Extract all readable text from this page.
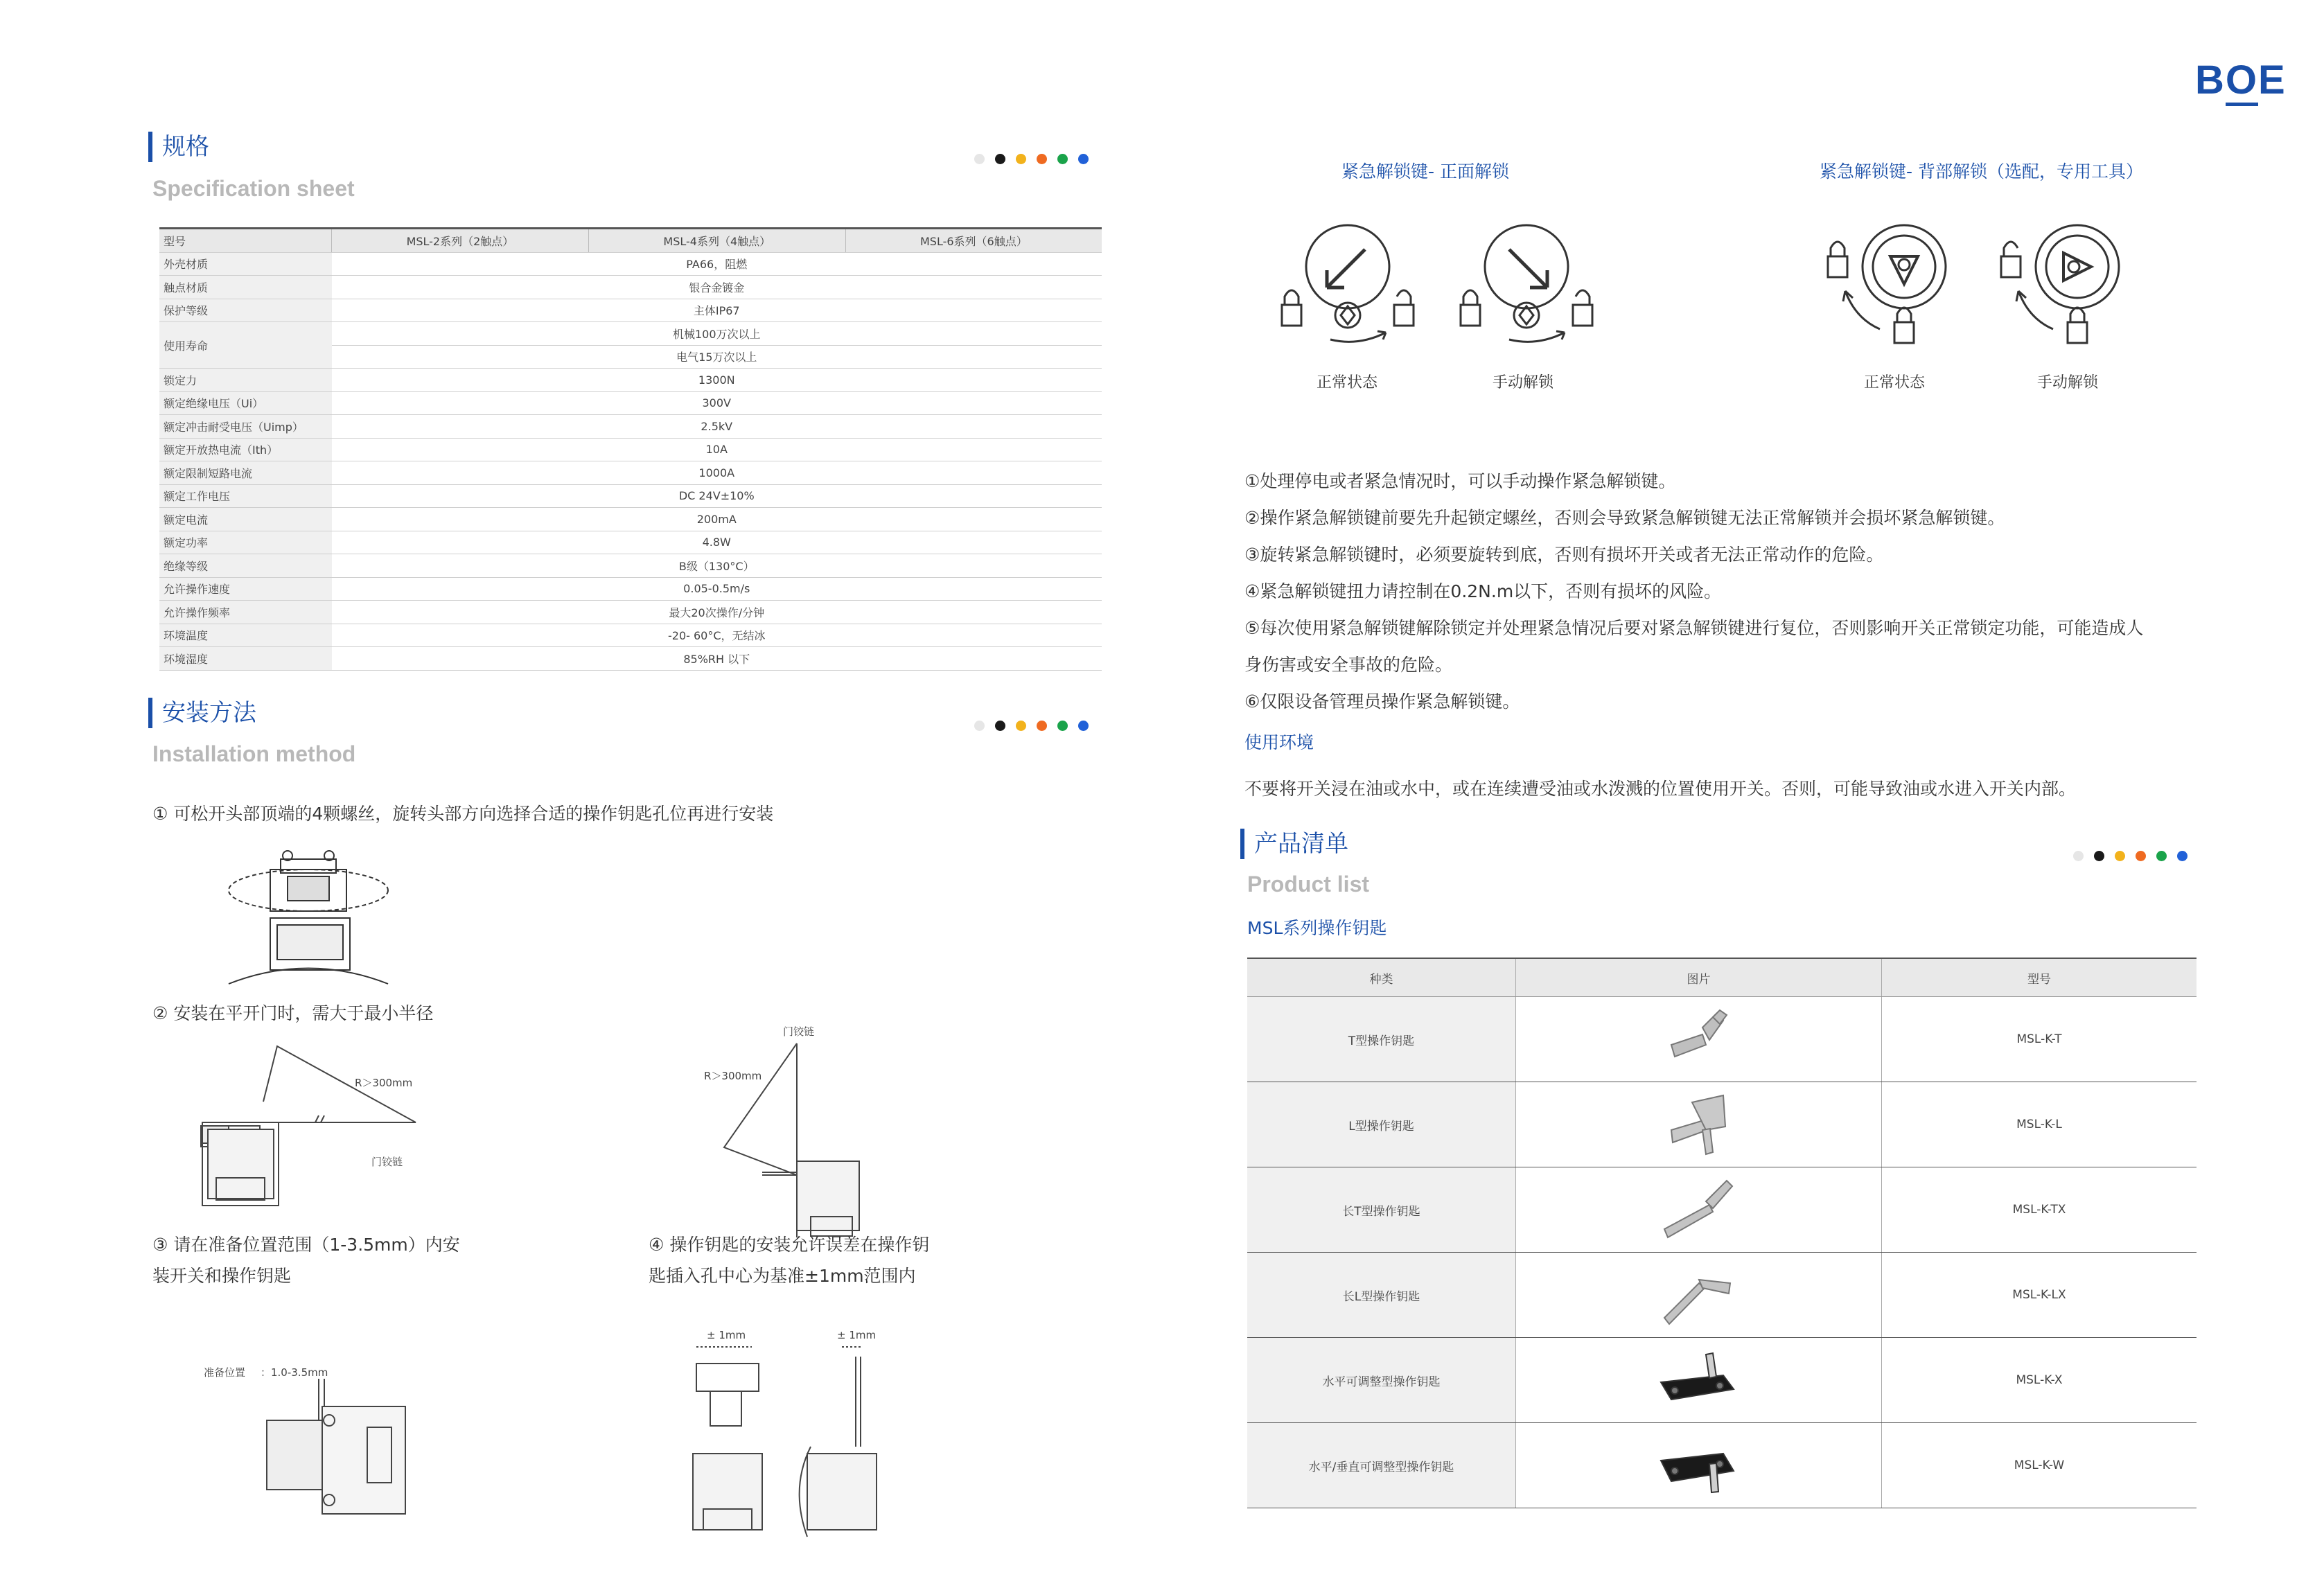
BOE
规格
Specification sheet
型号	MSL-2系列（2触点）	MSL-4系列（4触点）	MSL-6系列（6触点）
外壳材质	PA66，阻燃		
触点材质	银合金镀金		
保护等级	主体IP67		
使用寿命	机械100万次以上		
	电气15万次以上		
锁定力	1300N		
额定绝缘电压（Ui）	300V		
额定冲击耐受电压（Uimp）	2.5kV		
额定开放热电流（Ith）	10A		
额定限制短路电流	1000A		
额定工作电压	DC 24V±10%		
额定电流	200mA		
额定功率	4.8W		
绝缘等级	B级（130°C）		
允许操作速度	0.05-0.5m/s		
允许操作频率	最大20次操作/分钟		
环境温度	-20- 60°C，无结冰		
环境湿度	85%RH 以下		
安装方法
Installation method
① 可松开头部顶端的4颗螺丝，旋转头部方向选择合适的操作钥匙孔位再进行安装
② 安装在平开门时，需大于最小半径
R＞300mm
门铰链
门铰链
R＞300mm
③ 请在准备位置范围（1-3.5mm）内安
装开关和操作钥匙
④ 操作钥匙的安装允许误差在操作钥
匙插入孔中心为基准±1mm范围内
准备位置 ：1.0-3.5mm
± 1mm	± 1mm
紧急解锁键- 正面解锁	紧急解锁键- 背部解锁（选配，专用工具）
正常状态	手动解锁	正常状态	手动解锁
①处理停电或者紧急情况时，可以手动操作紧急解锁键。
②操作紧急解锁键前要先升起锁定螺丝，否则会导致紧急解锁键无法正常解锁并会损坏紧急解锁键。
③旋转紧急解锁键时，必须要旋转到底，否则有损坏开关或者无法正常动作的危险。
④紧急解锁键扭力请控制在0.2N.m以下，否则有损坏的风险。
⑤每次使用紧急解锁键解除锁定并处理紧急情况后要对紧急解锁键进行复位，否则影响开关正常锁定功能，可能造成人
身伤害或安全事故的危险。
⑥仅限设备管理员操作紧急解锁键。
使用环境
不要将开关浸在油或水中，或在连续遭受油或水泼溅的位置使用开关。否则，可能导致油或水进入开关内部。
产品清单
Product list
MSL系列操作钥匙
种类	图片	型号
T型操作钥匙		MSL-K-T
L型操作钥匙		MSL-K-L
长T型操作钥匙		MSL-K-TX
长L型操作钥匙		MSL-K-LX
水平可调整型操作钥匙		MSL-K-X
水平/垂直可调整型操作钥匙		MSL-K-W
